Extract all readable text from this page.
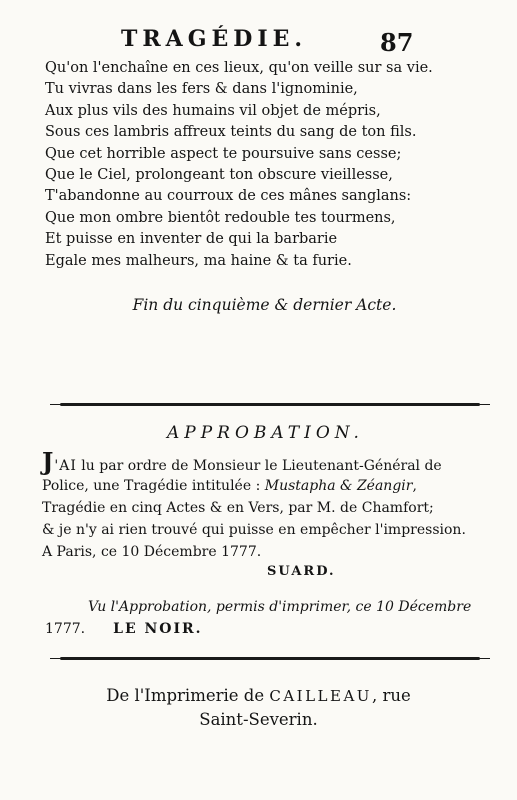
TRAGÉDIE.	87
Qu'on l'enchaîne en ces lieux, qu'on veille sur sa vie.
Tu vivras dans les fers & dans l'ignominie,
Aux plus vils des humains vil objet de mépris,
Sous ces lambris affreux teints du sang de ton fils.
Que cet horrible aspect te poursuive sans cesse;
Que le Ciel, prolongeant ton obscure vieillesse,
T'abandonne au courroux de ces mânes sanglans:
Que mon ombre bientôt redouble tes tourmens,
Et puisse en inventer de qui la barbarie
Egale mes malheurs, ma haine & ta furie.
Fin du cinquième & dernier Acte.
APPROBATION.
J'AI lu par ordre de Monsieur le Lieutenant-Général de
Police, une Tragédie intitulée : Mustapha & Zéangir,
Tragédie en cinq Actes & en Vers, par M. de Chamfort;
& je n'y ai rien trouvé qui puisse en empêcher l'impression.
A Paris, ce 10 Décembre 1777.
SUARD.
Vu l'Approbation, permis d'imprimer, ce 10 Décembre
1777. LE NOIR.
De l'Imprimerie de CAILLEAU, rue
Saint-Severin.
